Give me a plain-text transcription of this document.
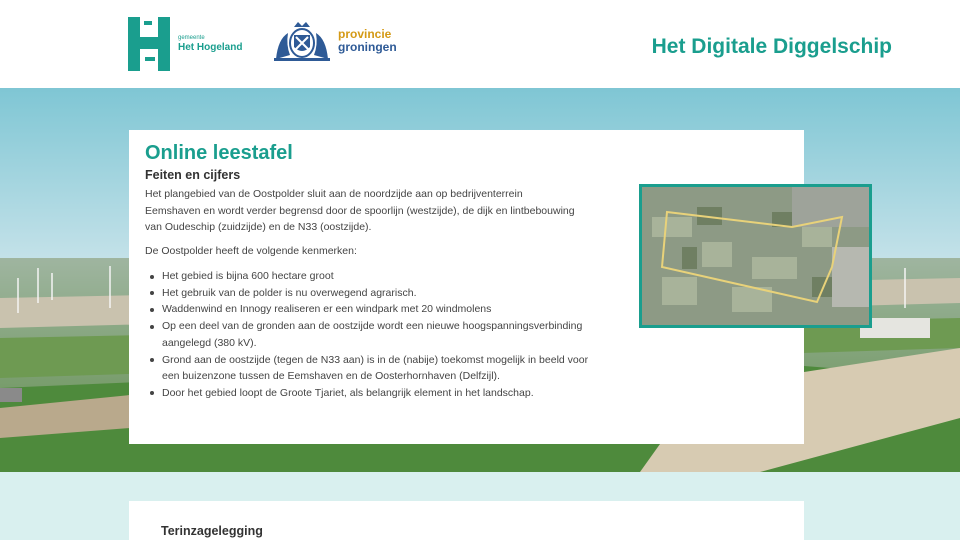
gemeente
Het Hogeland
provincie
groningen	Het Digitale Diggelschip
Online leestafel
Feiten en cijfers

Het plangebied van de Oostpolder sluit aan de noordzijde aan op bedrijventerrein Eemshaven en wordt verder begrensd door de spoorlijn (westzijde), de dijk en lintbebouwing van Oudeschip (zuidzijde) en de N33 (oostzijde).

De Oostpolder heeft de volgende kenmerken:

Het gebied is bijna 600 hectare groot
Het gebruik van de polder is nu overwegend agrarisch.
Waddenwind en Innogy realiseren er een windpark met 20 windmolens
Op een deel van de gronden aan de oostzijde wordt een nieuwe hoogspanningsverbinding aangelegd (380 kV).
Grond aan de oostzijde (tegen de N33 aan) is in de (nabije) toekomst mogelijk in beeld voor een buizenzone tussen de Eemshaven en de Oosterhornhaven (Delfzijl).
Door het gebied loopt de Groote Tjariet, als belangrijk element in het landschap.
Terinzagelegging
